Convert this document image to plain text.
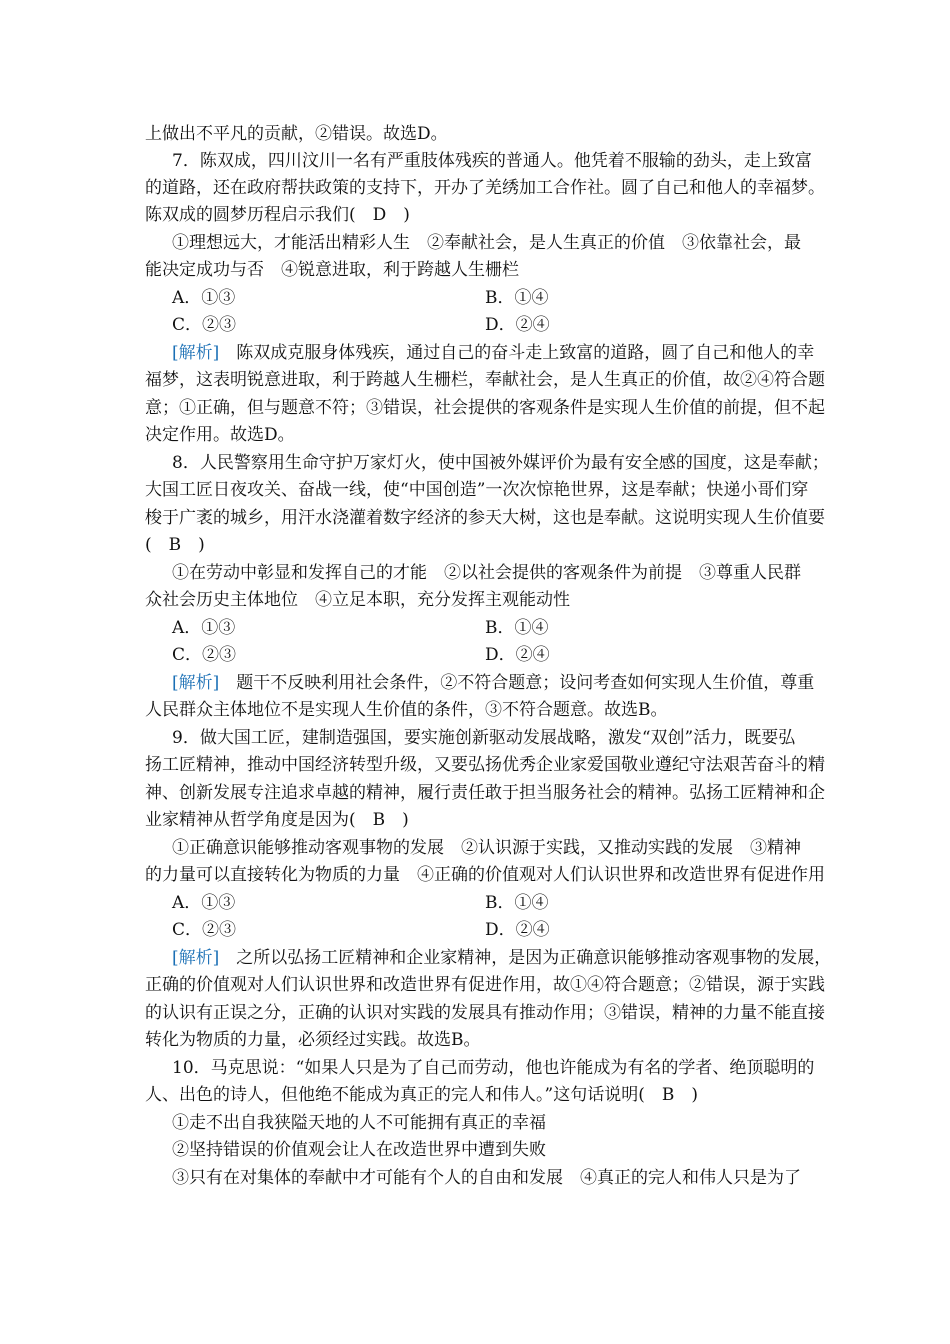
上做出不平凡的贡献，②错误。故选D。
7．陈双成，四川汶川一名有严重肢体残疾的普通人。他凭着不服输的劲头，走上致富
的道路，还在政府帮扶政策的支持下，开办了羌绣加工合作社。圆了自己和他人的幸福梦。
陈双成的圆梦历程启示我们(　D　)
①理想远大，才能活出精彩人生　②奉献社会，是人生真正的价值　③依靠社会，最
能决定成功与否　④锐意进取，利于跨越人生栅栏
A．①③	B．①④
C．②③	D．②④
[解析]　 陈双成克服身体残疾，通过自己的奋斗走上致富的道路，圆了自己和他人的幸
福梦，这表明锐意进取，利于跨越人生栅栏，奉献社会，是人生真正的价值，故②④符合题
意；①正确，但与题意不符；③错误，社会提供的客观条件是实现人生价值的前提，但不起
决定作用。故选D。
8．人民警察用生命守护万家灯火，使中国被外媒评价为最有安全感的国度，这是奉献；
大国工匠日夜攻关、奋战一线，使“中国创造”一次次惊艳世界，这是奉献；快递小哥们穿
梭于广袤的城乡，用汗水浇灌着数字经济的参天大树，这也是奉献。这说明实现人生价值要
(　B　)
①在劳动中彰显和发挥自己的才能　②以社会提供的客观条件为前提　③尊重人民群
众社会历史主体地位　④立足本职，充分发挥主观能动性
A．①③	B．①④
C．②③	D．②④
[解析]　 题干不反映利用社会条件，②不符合题意；设问考查如何实现人生价值，尊重
人民群众主体地位不是实现人生价值的条件，③不符合题意。故选B。
9．做大国工匠，建制造强国，要实施创新驱动发展战略，激发“双创”活力，既要弘
扬工匠精神，推动中国经济转型升级，又要弘扬优秀企业家爱国敬业遵纪守法艰苦奋斗的精
神、创新发展专注追求卓越的精神，履行责任敢于担当服务社会的精神。弘扬工匠精神和企
业家精神从哲学角度是因为(　B　)
①正确意识能够推动客观事物的发展　②认识源于实践，又推动实践的发展　③精神
的力量可以直接转化为物质的力量　④正确的价值观对人们认识世界和改造世界有促进作用
A．①③	B．①④
C．②③	D．②④
[解析]　 之所以弘扬工匠精神和企业家精神，是因为正确意识能够推动客观事物的发展，
正确的价值观对人们认识世界和改造世界有促进作用，故①④符合题意；②错误，源于实践
的认识有正误之分，正确的认识对实践的发展具有推动作用；③错误，精神的力量不能直接
转化为物质的力量，必须经过实践。故选B。
10．马克思说：“如果人只是为了自己而劳动，他也许能成为有名的学者、绝顶聪明的
人、出色的诗人，但他绝不能成为真正的完人和伟人。”这句话说明(　B　)
①走不出自我狭隘天地的人不可能拥有真正的幸福
②坚持错误的价值观会让人在改造世界中遭到失败
③只有在对集体的奉献中才可能有个人的自由和发展　④真正的完人和伟人只是为了
